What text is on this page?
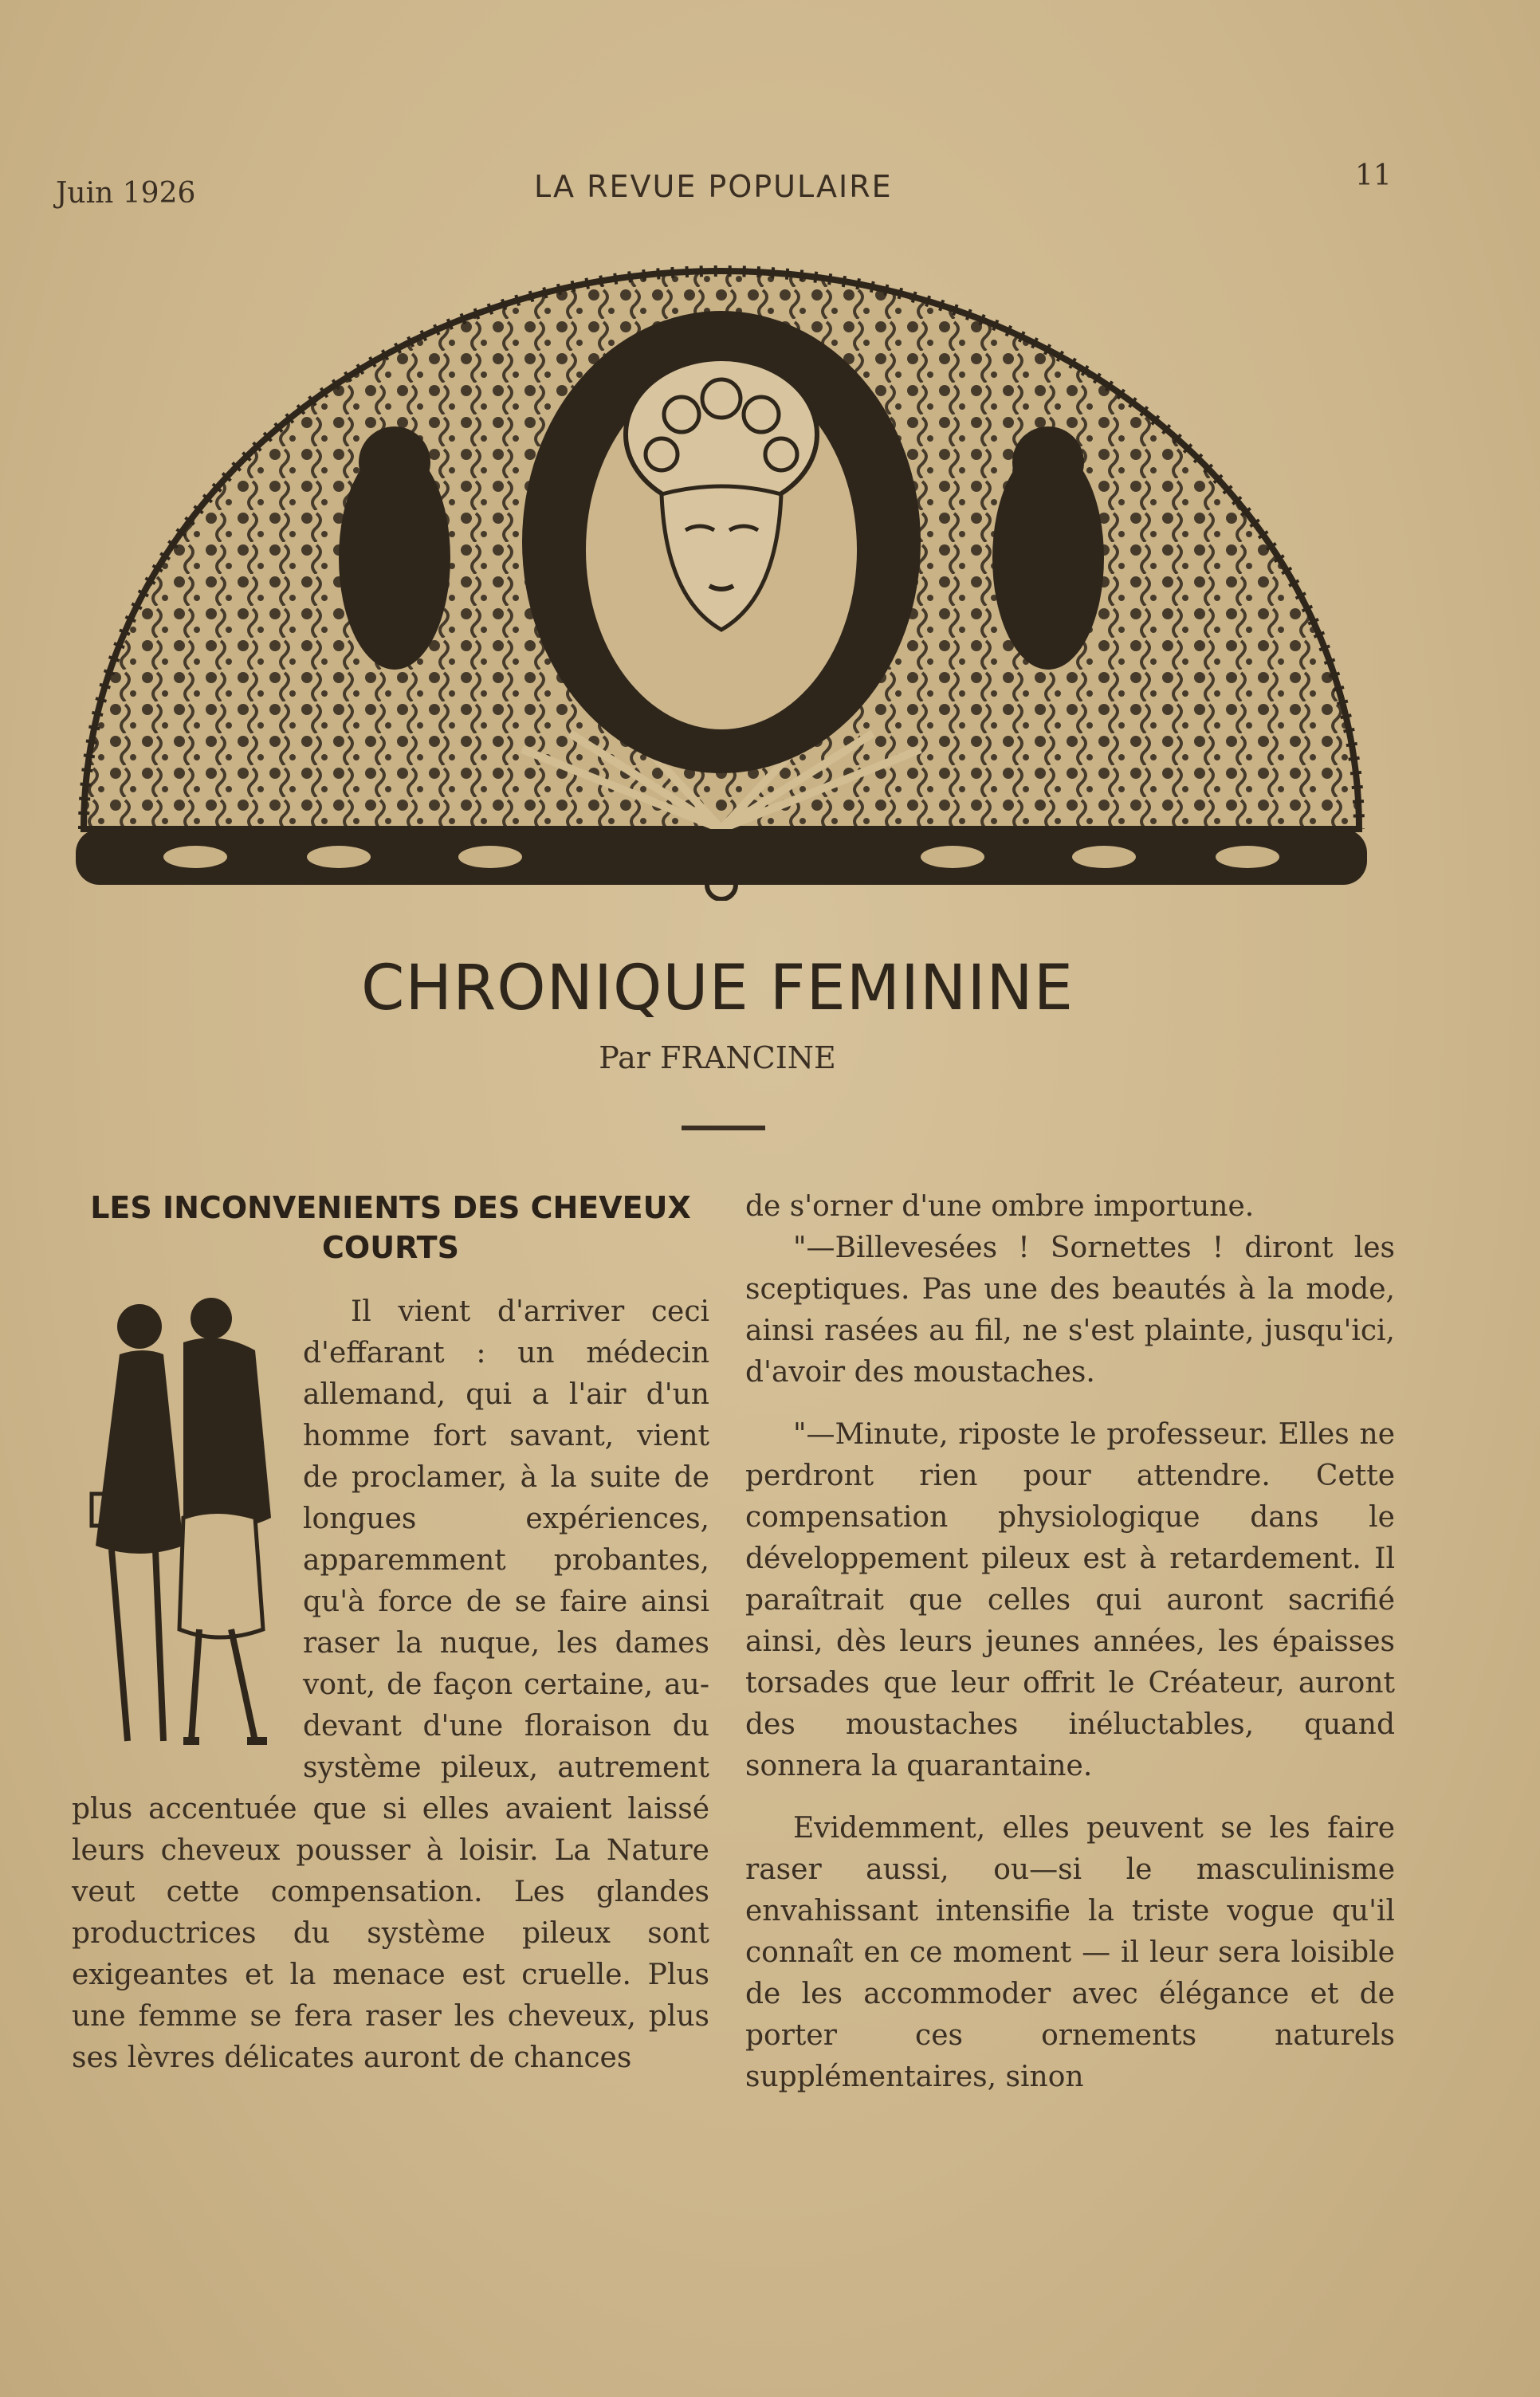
Juin 1926	LA REVUE POPULAIRE	11
CHRONIQUE FEMININE
Par FRANCINE
LES INCONVENIENTS DES CHEVEUX COURTS

Il vient d'arriver ceci d'effarant : un médecin allemand, qui a l'air d'un homme fort savant, vient de proclamer, à la suite de longues expériences, apparemment probantes, qu'à force de se faire ainsi raser la nuque, les dames vont, de façon certaine, au-devant d'une floraison du système pileux, autrement plus accentuée que si elles avaient laissé leurs cheveux pousser à loisir. La Nature veut cette compensation. Les glandes productrices du système pileux sont exigeantes et la menace est cruelle. Plus une femme se fera raser les cheveux, plus ses lèvres délicates auront de chances

de s'orner d'une ombre importune.

"—Billevesées ! Sornettes ! diront les sceptiques. Pas une des beautés à la mode, ainsi rasées au fil, ne s'est plainte, jusqu'ici, d'avoir des moustaches.

"—Minute, riposte le professeur. Elles ne perdront rien pour attendre. Cette compensation physiologique dans le développement pileux est à retardement. Il paraîtrait que celles qui auront sacrifié ainsi, dès leurs jeunes années, les épaisses torsades que leur offrit le Créateur, auront des moustaches inéluctables, quand sonnera la quarantaine.

Evidemment, elles peuvent se les faire raser aussi, ou—si le masculinisme envahissant intensifie la triste vogue qu'il connaît en ce moment — il leur sera loisible de les accommoder avec élégance et de porter ces ornements naturels supplémentaires, sinon
